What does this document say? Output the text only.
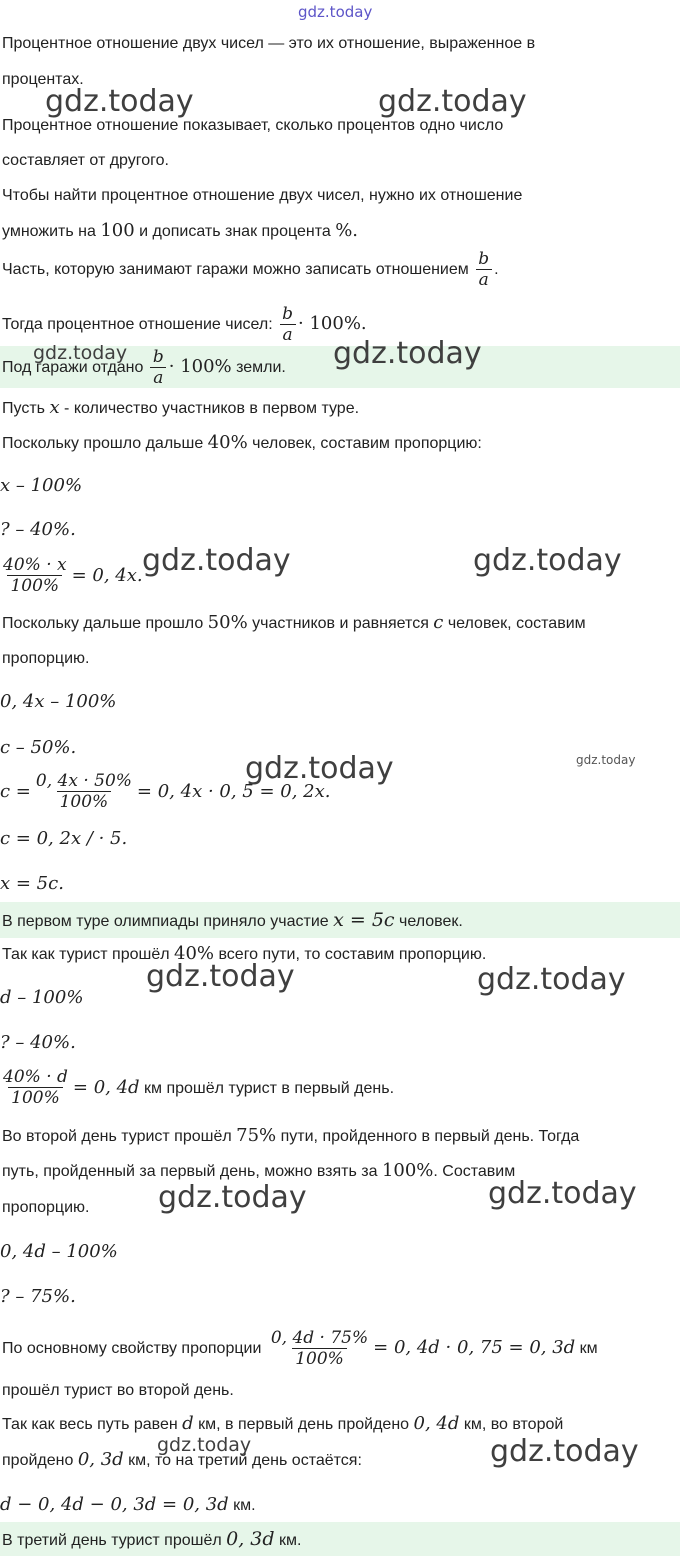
gdz.today
Процентное отношение двух чисел — это их отношение, выраженное в
процентах.
Процентное отношение показывает, сколько процентов одно число
составляет от другого.
Чтобы найти процентное отношение двух чисел, нужно их отношение
умножить на 100 и дописать знак процента %.
Часть, которую занимают гаражи можно записать отношением $\frac{b}{a}$ .
Тогда процентное отношение чисел: $\frac{b}{a} \cdot 100\%$.
Под гаражи отдано $\frac{b}{a} \cdot 100\%$ земли.
Пусть x - количество участников в первом туре.
Поскольку прошло дальше 40% человек, составим пропорцию:
x – 100%
? – 40%.
$\frac{40\% \cdot x}{100\%} = 0$, 4x.
Поскольку дальше прошло 50% участников и равняется c человек, составим
пропорцию.
0, 4x – 100%
c – 50%.
$c = \frac{0, 4x \cdot 50\%}{100\%} = 0$, 4x · 0, 5 = 0, 2x.
c = 0, 2x / · 5.
x = 5c.
В первом туре олимпиады приняло участие x = 5c человек.
Так как турист прошёл 40% всего пути, то составим пропорцию.
d – 100%
? – 40%.
$\frac{40\% \cdot d}{100\%} = 0$, 4d км прошёл турист в первый день.
Во второй день турист прошёл 75% пути, пройденного в первый день. Тогда
путь, пройденный за первый день, можно взять за 100%. Составим
пропорцию.
0, 4d – 100%
? – 75%.
По основному свойству пропорции $\frac{0, 4d \cdot 75\%}{100\%} = 0$, 4d · 0, 75 = 0, 3d км
прошёл турист во второй день.
Так как весь путь равен d км, в первый день пройдено 0, 4d км, во второй
пройдено 0, 3d км, то на третий день остаётся:
d − 0, 4d − 0, 3d = 0, 3d км.
В третий день турист прошёл 0, 3d км.
gdz.today	gdz.today
gdz.today	gdz.today
gdz.today	gdz.today
gdz.today
gdz.today
gdz.today	gdz.today
gdz.today	gdz.today
gdz.today	gdz.today
